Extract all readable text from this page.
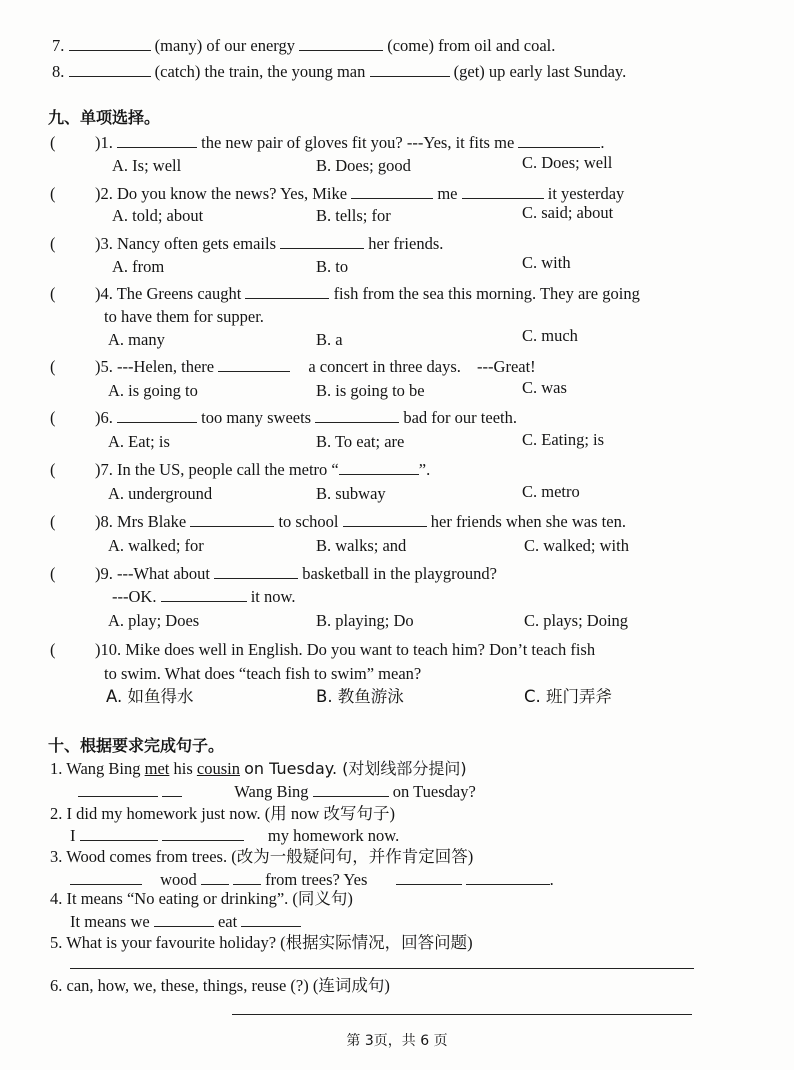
7.	(many) of our energy	(come) from oil and coal.
8.	(catch) the train, the young man	(get) up early last Sunday.
九、单项选择。
( )1.	the new pair of gloves fit you? ---Yes, it fits me	.
A. Is; well	B. Does; good	C. Does; well
( )2. Do you know the news? Yes, Mike	me	it yesterday
A. told; about	B. tells; for	C. said; about
( )3. Nancy often gets emails	her friends.
A. from	B. to	C. with
( )4. The Greens caught	fish from the sea this morning. They are going
to have them for supper.
A. many	B. a	C. much
( )5. ---Helen, there	a concert in three days. ---Great!
A. is going to	B. is going to be	C. was
( )6.	too many sweets	bad for our teeth.
A. Eat; is	B. To eat; are	C. Eating; is
( )7. In the US, people call the metro “	”.
A. underground	B. subway	C. metro
( )8. Mrs Blake	to school	her friends when she was ten.
A. walked; for	B. walks; and	C. walked; with
( )9. ---What about	basketball in the playground?
---OK.	it now.
A. play; Does	B. playing; Do	C. plays; Doing
( )10. Mike does well in English. Do you want to teach him? Don’t teach fish
to swim. What does “teach fish to swim” mean?
A. 如鱼得水	B. 教鱼游泳	C. 班门弄斧
十、根据要求完成句子。
1. Wang Bing met his cousin on Tuesday. (对划线部分提问)
Wang Bing	on Tuesday?
2. I did my homework just now. (用 now 改写句子)
I	my homework now.
3. Wood comes from trees. (改为一般疑问句，并作肯定回答)
wood	from trees? Yes	.
4. It means “No eating or drinking”. (同义句)
It means we	eat
5. What is your favourite holiday? (根据实际情况，回答问题)
6. can, how, we, these, things, reuse (?) (连词成句)
第 3页，共 6 页
